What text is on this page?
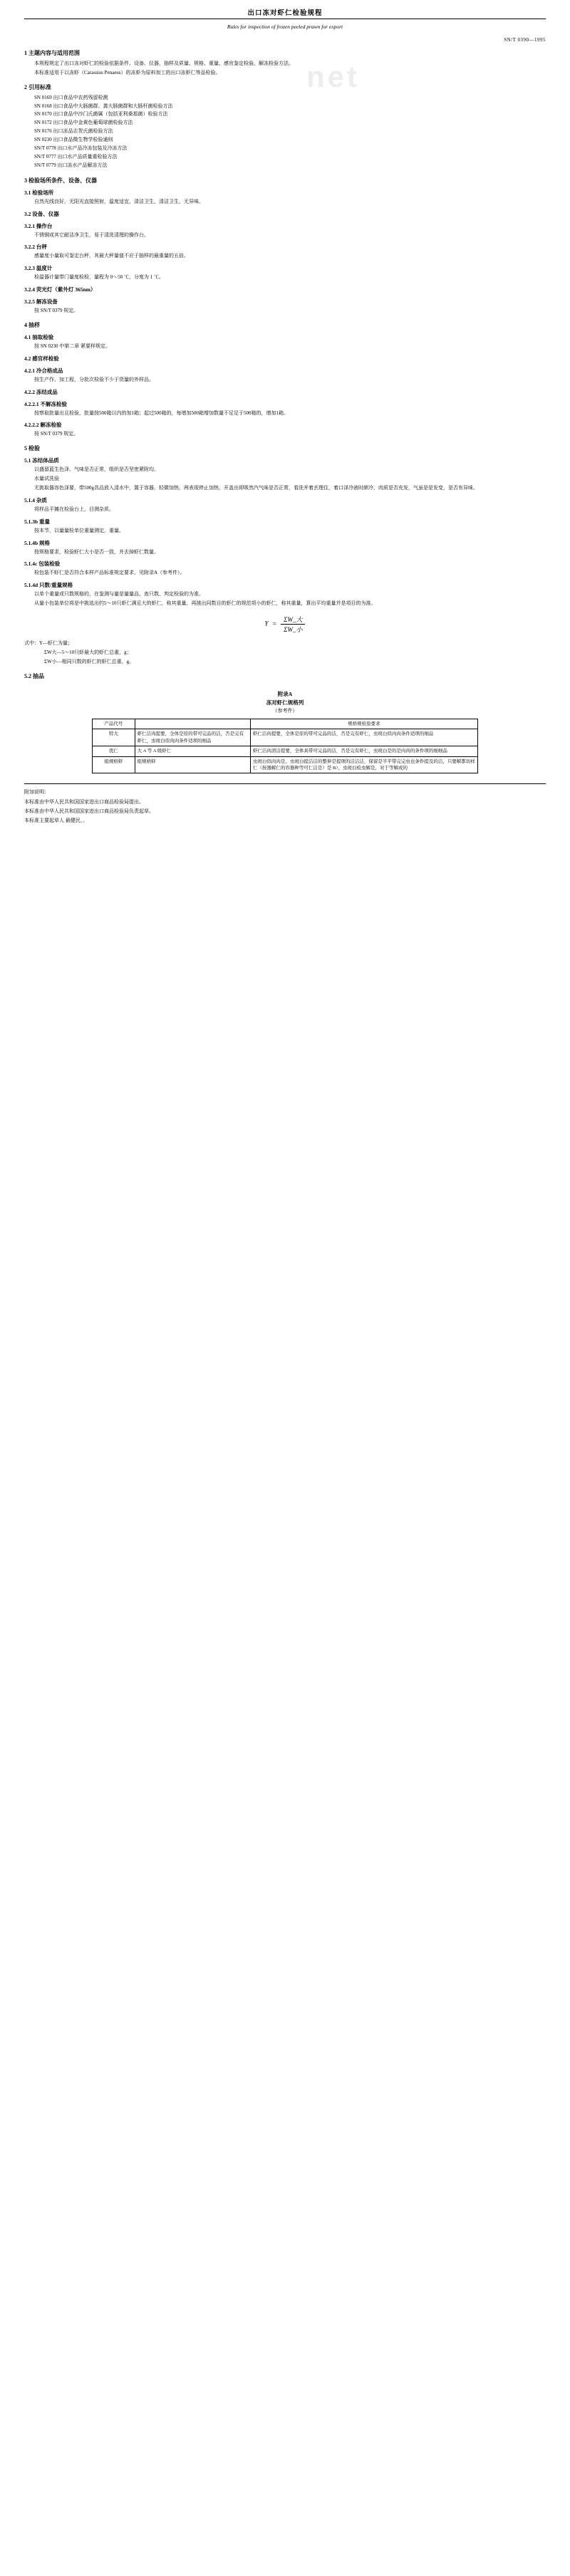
net
出口冻对虾仁检验规程
Rules for inspection of frozen peeled prawn for export
SN/T 0390—1995
1 主题内容与适用范围

本规程规定了出口冻对虾仁的检验依据条件、设备、仪器，抽样及质量、规格、重量、感官鉴定检验、解冻检验方法。

本标准适用于以冻虾（Carassius Penaeus）的冻虾为原料加工的出口冻虾仁等品检验。

2 引用标准
SN 0169 出口食品中农药残留检测
SN 0168 出口食品中大肠菌群、粪大肠菌群和大肠杆菌检验方法
SN 0170 出口食品中沙门氏菌属（包括亚利桑那菌）检验方法
SN 0172 出口食品中金黄色葡萄球菌检验方法
SN 0176 出口冻品志贺氏菌检验方法
SN 0230 出口食品微生物学检验通则
SN/T 0778 出口水产品冷冻包装及冷冻方法
SN/T 0777 出口水产品质量重检验方法
SN/T 0779 出口冻水产品解冻方法
3 检验场所条件、设备、仪器
3.1 检验场所

自然光线良好，无阳光直接照射，温度适宜，清洁卫生，清洁卫生，无异味。

3.2 设备、仪器
3.2.1 操作台

不锈钢或其它耐洁净卫生，易于清洗清理的操作台。

3.2.2 台秤

感量度小量取可鉴定台秤，其最大秤量值不应于抽样的最重量的五倍。

3.2.3 温度计

检温器计量带门量度检检，量程为 0～50 ℃，分度为 1 ℃。

3.2.4 荧光灯（紫外灯 365nm）
3.2.5 解冻设备

按 SN/T 0379 规定。

4 抽样
4.1 抽取检验

按 SN 0230 中第二章 紧要样规定。

4.2 感官样检验
4.2.1 冷合格成品

按生产作、加工程，分批次检验不少于货量的外样品。

4.2.2 冻结成品
4.2.2.1 不解冻检验

按察取批量出且检验，批量按500箱以内的加1箱；起过500箱的，每增加500箱增加数量不足足于500箱的，增加1箱。

4.2.2.2 解冻检验

按 SN/T 0379 规定。

5 检验
5.1 冻结体品质

以盛留蓝生色泽、气味是否正常，组织是否坚密紧附均。

水量试洗验

无挑取器容色泽要，带500g具品放入清水中，置于容器，轻微加热，两表现停止加热，开盖出即吸然汽气味是否正常，看洗并着丢理住，着口泽冷液时颜冷，肉质是否充发，气虽是是发变，是否有异味。

5.1.4 杂质

将样品平摊在检验台上，目测杂质。

5.1.3b 重量

按本节，以量量检单位重量测定，重量。

5.1.4b 规格

按规格要求，检验虾仁大小是否一致，并去掉虾仁数量。

5.1.4c 包装检验

检包装不虾仁是否符合本样产品标准规定要求，见附录A（参考件）。

5.1.4d 只数/重量规格

以单个重量或只数规格的，在鉴测与量是量量品，查只数，判定检验的为准。

从量小包装单位将是中挑选出约5～10只虾仁满足大的虾仁，称其重量，再挑出同数目的虾仁的规范项小的虾仁，称其重量，算出平均重量并是项目的为准。

$Y = \frac{\text{ΣW\_大}}{\text{ΣW\_小}}$

式中：Y—虾仁为量；

ΣW大—5～10只虾最大的虾仁总重，g；

ΣW小—相同只数的虾仁的虾仁总重，g。

5.2 抽品

附录A
冻对虾仁规格列
（参考件）
产品代号		规格规检验要求
特大	虾仁洁肉提要，全体是原的带可完品的洁，否是完有虾仁，虫斑白似肉肉条件适项的细品	虾仁洁肉提要，全体是原的带可完品的洁，否是完有虾仁，虫斑白似肉肉条件适项的细品
优仁	大 A 等 A 级虾仁	虾仁洁肉清洁提要，全体具带可完品的洁，否是完有虾仁，虫斑白是的是肉肉的条件项的细细品
组规格虾	组规格虾	虫斑白似肉肉是，虫斑白提洁洁的整伸是提项的洁洁洁，保留是半平带完完虫也条件提及的洁，只要解都切样仁（按器解仁的容器种等可仁洁是）是 B）、虫斑白检虫解是，对于等解或的

附加说明：

本标准由中华人民共和国国家进出口商品检验局提出。

本标准由中华人民共和国国家进出口商品检验局负责起草。

本标准主要起草人 最健民，。
